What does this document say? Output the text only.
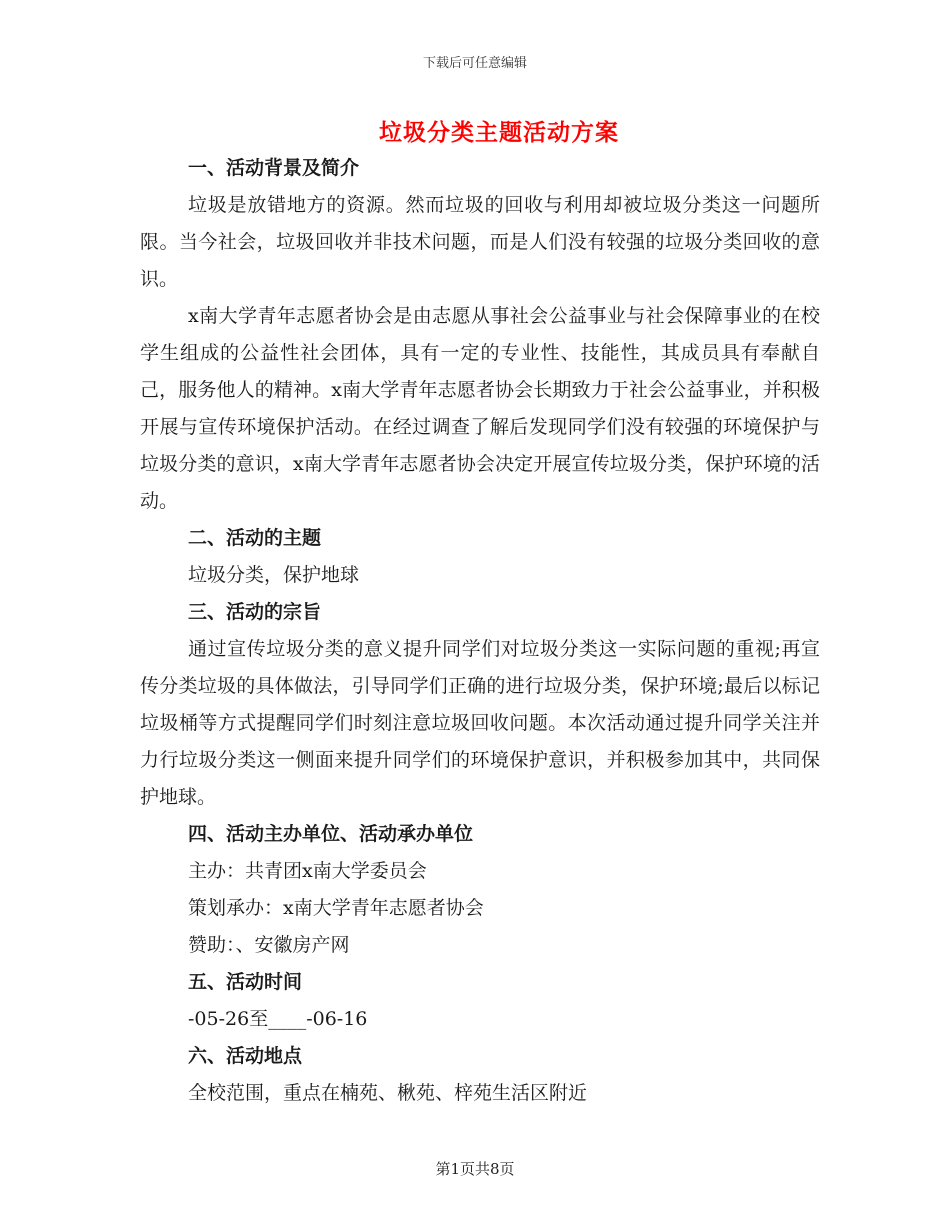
下载后可任意编辑
垃圾分类主题活动方案
一、活动背景及简介
垃圾是放错地方的资源。然而垃圾的回收与利用却被垃圾分类这一问题所限。当今社会，垃圾回收并非技术问题，而是人们没有较强的垃圾分类回收的意识。
x南大学青年志愿者协会是由志愿从事社会公益事业与社会保障事业的在校学生组成的公益性社会团体，具有一定的专业性、技能性，其成员具有奉献自己，服务他人的精神。x南大学青年志愿者协会长期致力于社会公益事业，并积极开展与宣传环境保护活动。在经过调查了解后发现同学们没有较强的环境保护与垃圾分类的意识，x南大学青年志愿者协会决定开展宣传垃圾分类，保护环境的活动。
二、活动的主题
垃圾分类，保护地球
三、活动的宗旨
通过宣传垃圾分类的意义提升同学们对垃圾分类这一实际问题的重视;再宣传分类垃圾的具体做法，引导同学们正确的进行垃圾分类，保护环境;最后以标记垃圾桶等方式提醒同学们时刻注意垃圾回收问题。本次活动通过提升同学关注并力行垃圾分类这一侧面来提升同学们的环境保护意识，并积极参加其中，共同保护地球。
四、活动主办单位、活动承办单位
主办：共青团x南大学委员会
策划承办：x南大学青年志愿者协会
赞助：、安徽房产网
五、活动时间
-05-26至____-06-16
六、活动地点
全校范围，重点在楠苑、楸苑、梓苑生活区附近
第1页共8页
